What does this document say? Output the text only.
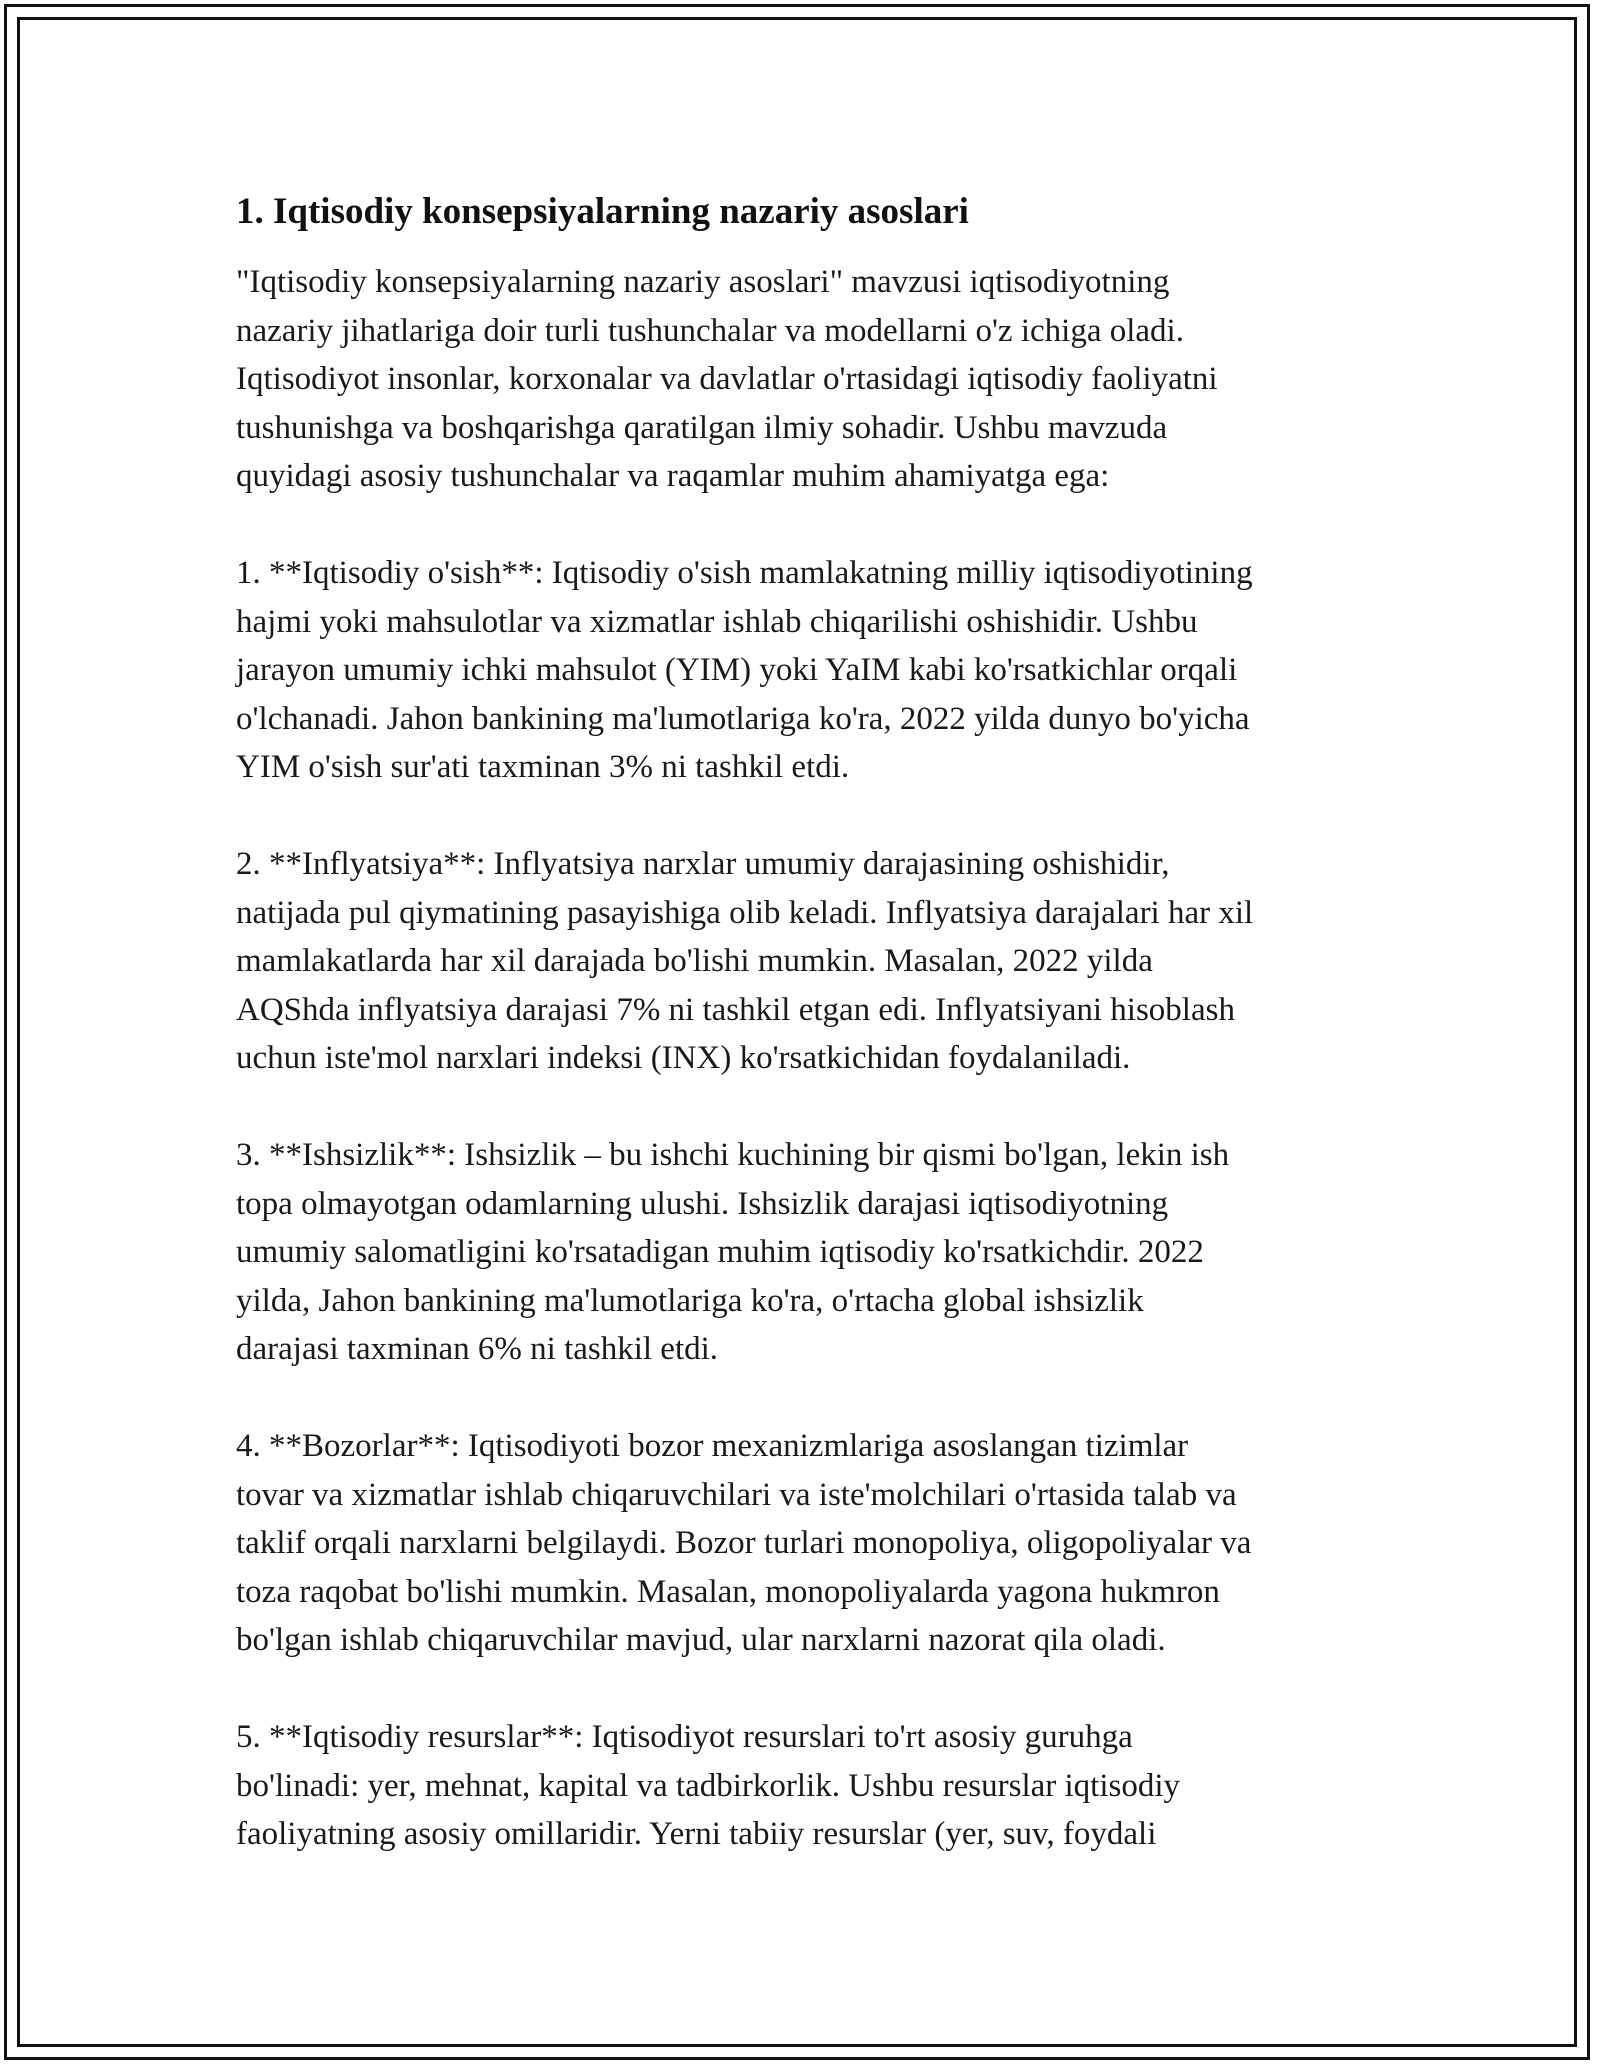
1. Iqtisodiy konsepsiyalarning nazariy asoslari

"Iqtisodiy konsepsiyalarning nazariy asoslari" mavzusi iqtisodiyotning
nazariy jihatlariga doir turli tushunchalar va modellarni o'z ichiga oladi.
Iqtisodiyot insonlar, korxonalar va davlatlar o'rtasidagi iqtisodiy faoliyatni
tushunishga va boshqarishga qaratilgan ilmiy sohadir. Ushbu mavzuda
quyidagi asosiy tushunchalar va raqamlar muhim ahamiyatga ega:

1. **Iqtisodiy o'sish**: Iqtisodiy o'sish mamlakatning milliy iqtisodiyotining
hajmi yoki mahsulotlar va xizmatlar ishlab chiqarilishi oshishidir. Ushbu
jarayon umumiy ichki mahsulot (YIM) yoki YaIM kabi ko'rsatkichlar orqali
o'lchanadi. Jahon bankining ma'lumotlariga ko'ra, 2022 yilda dunyo bo'yicha
YIM o'sish sur'ati taxminan 3% ni tashkil etdi.

2. **Inflyatsiya**: Inflyatsiya narxlar umumiy darajasining oshishidir,
natijada pul qiymatining pasayishiga olib keladi. Inflyatsiya darajalari har xil
mamlakatlarda har xil darajada bo'lishi mumkin. Masalan, 2022 yilda
AQShda inflyatsiya darajasi 7% ni tashkil etgan edi. Inflyatsiyani hisoblash
uchun iste'mol narxlari indeksi (INX) ko'rsatkichidan foydalaniladi.

3. **Ishsizlik**: Ishsizlik – bu ishchi kuchining bir qismi bo'lgan, lekin ish
topa olmayotgan odamlarning ulushi. Ishsizlik darajasi iqtisodiyotning
umumiy salomatligini ko'rsatadigan muhim iqtisodiy ko'rsatkichdir. 2022
yilda, Jahon bankining ma'lumotlariga ko'ra, o'rtacha global ishsizlik
darajasi taxminan 6% ni tashkil etdi.

4. **Bozorlar**: Iqtisodiyoti bozor mexanizmlariga asoslangan tizimlar
tovar va xizmatlar ishlab chiqaruvchilari va iste'molchilari o'rtasida talab va
taklif orqali narxlarni belgilaydi. Bozor turlari monopoliya, oligopoliyalar va
toza raqobat bo'lishi mumkin. Masalan, monopoliyalarda yagona hukmron
bo'lgan ishlab chiqaruvchilar mavjud, ular narxlarni nazorat qila oladi.

5. **Iqtisodiy resurslar**: Iqtisodiyot resurslari to'rt asosiy guruhga
bo'linadi: yer, mehnat, kapital va tadbirkorlik. Ushbu resurslar iqtisodiy
faoliyatning asosiy omillaridir. Yerni tabiiy resurslar (yer, suv, foydali
